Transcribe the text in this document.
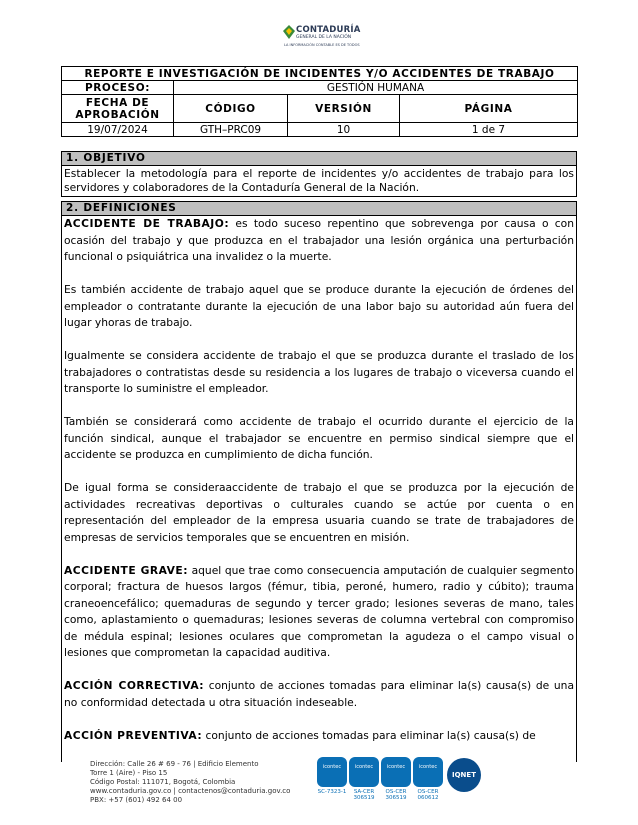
CONTADURÍA
GENERAL DE LA NACIÓN
LA INFORMACIÓN CONTABLE ES DE TODOS
REPORTE E INVESTIGACIÓN DE INCIDENTES Y/O ACCIDENTES DE TRABAJO			
PROCESO:	GESTIÓN HUMANA		
FECHA DE APROBACIÓN	CÓDIGO	VERSIÓN	PÁGINA
19/07/2024	GTH–PRC09	10	1 de 7
1. OBJETIVO
Establecer la metodología para el reporte de incidentes y/o accidentes de trabajo para los servidores y colaboradores de la Contaduría General de la Nación.
2. DEFINICIONES

ACCIDENTE DE TRABAJO: es todo suceso repentino que sobrevenga por causa o con ocasión del trabajo y que produzca en el trabajador una lesión orgánica una perturbación funcional o psiquiátrica una invalidez o la muerte.

Es también accidente de trabajo aquel que se produce durante la ejecución de órdenes del empleador o contratante durante la ejecución de una labor bajo su autoridad aún fuera del lugar yhoras de trabajo.

Igualmente se considera accidente de trabajo el que se produzca durante el traslado de los trabajadores o contratistas desde su residencia a los lugares de trabajo o viceversa cuando el transporte lo suministre el empleador.

También se considerará como accidente de trabajo el ocurrido durante el ejercicio de la función sindical, aunque el trabajador se encuentre en permiso sindical siempre que el accidente se produzca en cumplimiento de dicha función.

De igual forma se consideraaccidente de trabajo el que se produzca por la ejecución de actividades recreativas deportivas o culturales cuando se actúe por cuenta o en representación del empleador de la empresa usuaria cuando se trate de trabajadores de empresas de servicios temporales que se encuentren en misión.

ACCIDENTE GRAVE: aquel que trae como consecuencia amputación de cualquier segmento corporal; fractura de huesos largos (fémur, tibia, peroné, humero, radio y cúbito); trauma craneoencefálico; quemaduras de segundo y tercer grado; lesiones severas de mano, tales como, aplastamiento o quemaduras; lesiones severas de columna vertebral con compromiso de médula espinal; lesiones oculares que comprometan la agudeza o el campo visual o lesiones que comprometan la capacidad auditiva.

ACCIÓN CORRECTIVA: conjunto de acciones tomadas para eliminar la(s) causa(s) de una no conformidad detectada u otra situación indeseable.

ACCIÓN PREVENTIVA: conjunto de acciones tomadas para eliminar la(s) causa(s) de

Dirección: Calle 26 # 69 - 76 | Edificio Elemento
Torre 1 (Aire) - Piso 15
Código Postal: 111071, Bogotá, Colombia
www.contaduria.gov.co | contactenos@contaduria.gov.co
PBX: +57 (601) 492 64 00
icontec
SC-7323-1
icontec
SA-CER 306519
icontec
OS-CER 306519
icontec
OS-CER 060612
IQNET
